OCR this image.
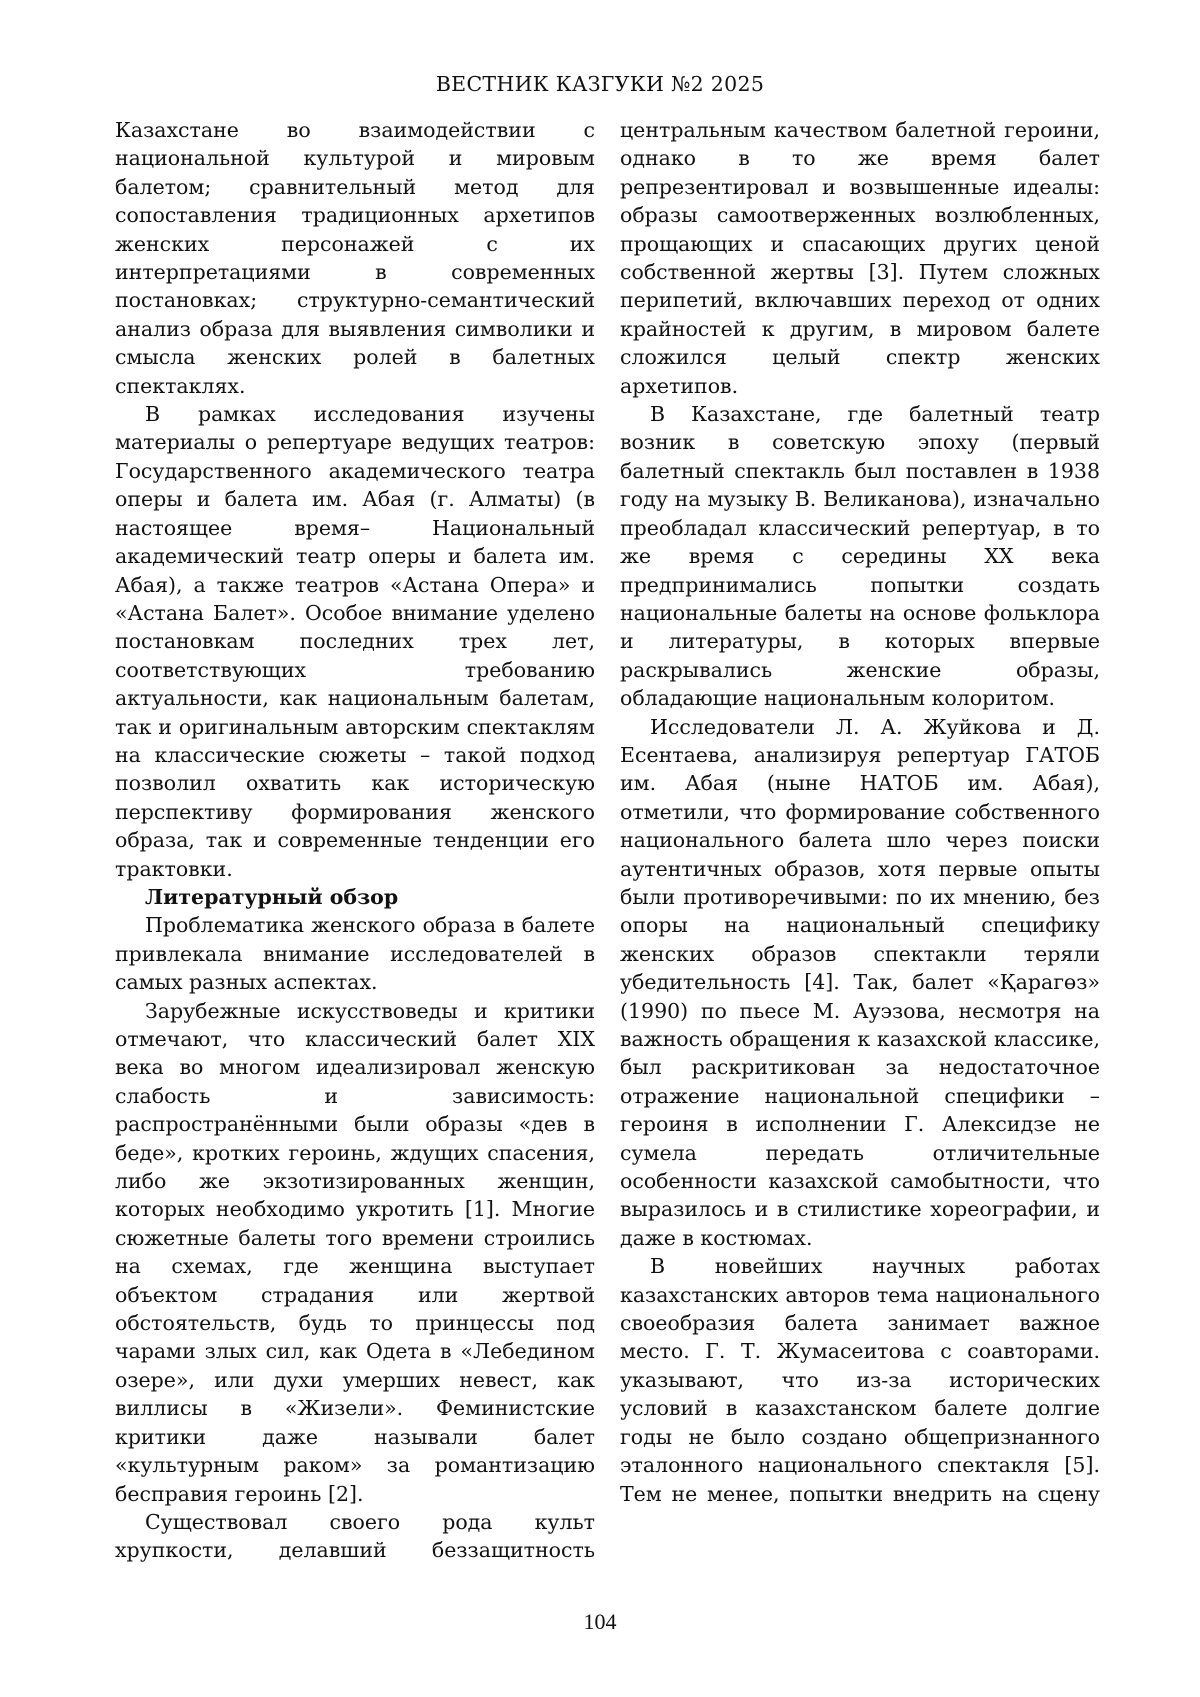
ВЕСТНИК КАЗГУКИ №2 2025

Казахстане во взаимодействии с национальной культурой и мировым балетом; сравнительный метод для сопоставления традиционных архетипов женских персонажей с их интерпретациями в современных постановках; структурно-семантический анализ образа для выявления символики и смысла женских ролей в балетных спектаклях.

В рамках исследования изучены материалы о репертуаре ведущих театров: Государственного академического театра оперы и балета им. Абая (г. Алматы) (в настоящее время– Национальный академический театр оперы и балета им. Абая), а также театров «Астана Опера» и «Астана Балет». Особое внимание уделено постановкам последних трех лет, соответствующих требованию актуальности, как национальным балетам, так и оригинальным авторским спектаклям на классические сюжеты – такой подход позволил охватить как историческую перспективу формирования женского образа, так и современные тенденции его трактовки.

Литературный обзор

Проблематика женского образа в балете привлекала внимание исследователей в самых разных аспектах.

Зарубежные искусствоведы и критики отмечают, что классический балет XIX века во многом идеализировал женскую слабость и зависимость: распространёнными были образы «дев в беде», кротких героинь, ждущих спасения, либо же экзотизированных женщин, которых необходимо укротить [1]. Многие сюжетные балеты того времени строились на схемах, где женщина выступает объектом страдания или жертвой обстоятельств, будь то принцессы под чарами злых сил, как Одета в «Лебедином озере», или духи умерших невест, как виллисы в «Жизели». Феминистские критики даже называли балет «культурным раком» за романтизацию бесправия героинь [2].

Существовал своего рода культ хрупкости, делавший беззащитность

центральным качеством балетной героини, однако в то же время балет репрезентировал и возвышенные идеалы: образы самоотверженных возлюбленных, прощающих и спасающих других ценой собственной жертвы [3]. Путем сложных перипетий, включавших переход от одних крайностей к другим, в мировом балете сложился целый спектр женских архетипов.

В Казахстане, где балетный театр возник в советскую эпоху (первый балетный спектакль был поставлен в 1938 году на музыку В. Великанова), изначально преобладал классический репертуар, в то же время с середины XX века предпринимались попытки создать национальные балеты на основе фольклора и литературы, в которых впервые раскрывались женские образы, обладающие национальным колоритом.

Исследователи Л. А. Жуйкова и Д. Есентаева, анализируя репертуар ГАТОБ им. Абая (ныне НАТОБ им. Абая), отметили, что формирование собственного национального балета шло через поиски аутентичных образов, хотя первые опыты были противоречивыми: по их мнению, без опоры на национальный специфику женских образов спектакли теряли убедительность [4]. Так, балет «Қарагөз» (1990) по пьесе М. Ауэзова, несмотря на важность обращения к казахской классике, был раскритикован за недостаточное отражение национальной специфики – героиня в исполнении Г. Алексидзе не сумела передать отличительные особенности казахской самобытности, что выразилось и в стилистике хореографии, и даже в костюмах.

В новейших научных работах казахстанских авторов тема национального своеобразия балета занимает важное место. Г. Т. Жумасеитова с соавторами. указывают, что из-за исторических условий в казахстанском балете долгие годы не было создано общепризнанного эталонного национального спектакля [5]. Тем не менее, попытки внедрить на сцену

104
